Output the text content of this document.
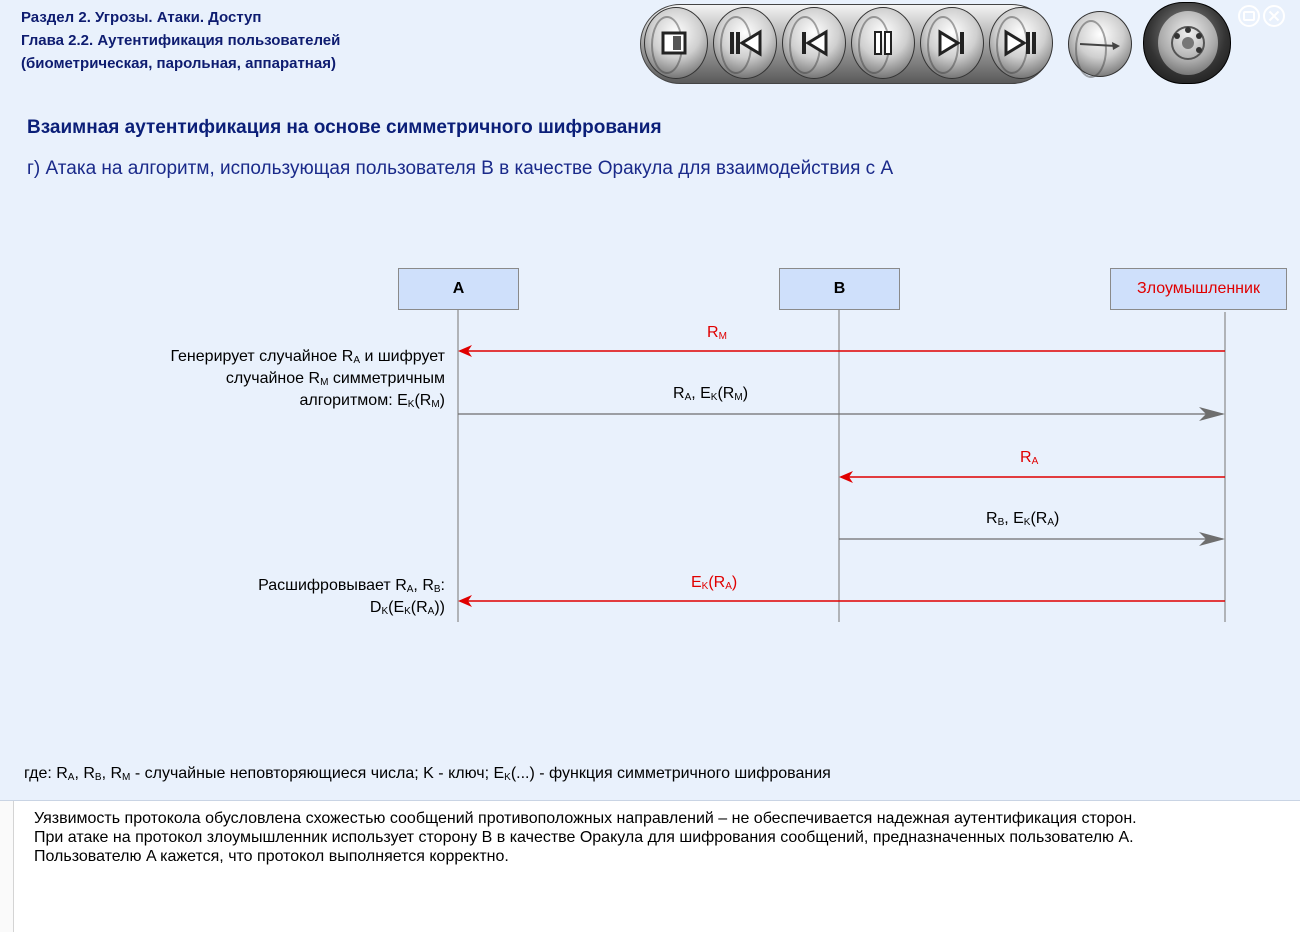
Раздел 2. Угрозы. Атаки. Доступ
Глава 2.2. Аутентификация пользователей
(биометрическая, парольная, аппаратная)
Взаимная аутентификация на основе симметричного шифрования
г) Атака на алгоритм, использующая пользователя В в качестве Оракула для взаимодействия с А
A	B	Злоумышленник
$R_M$
$R_A$, $E_K(R_M)$
$R_A$
$R_B$, $E_K(R_A)$
$E_K(R_A)$
Генерирует случайное $R_A$ и шифрует
случайное $R_M$ симметричным
алгоритмом: $E_K(R_M)$
Расшифровывает $R_A$, $R_B$:
$D_K(E_K(R_A))$
где: $R_A$, $R_B$, $R_M$ - случайные неповторяющиеся числа; K - ключ; $E_K(...)$ - функция симметричного шифрования
Уязвимость протокола обусловлена схожестью сообщений противоположных направлений – не обеспечивается надежная аутентификация сторон.
При атаке на протокол злоумышленник использует сторону B в качестве Оракула для шифрования сообщений, предназначенных пользователю A. Пользователю A кажется, что протокол выполняется корректно.
